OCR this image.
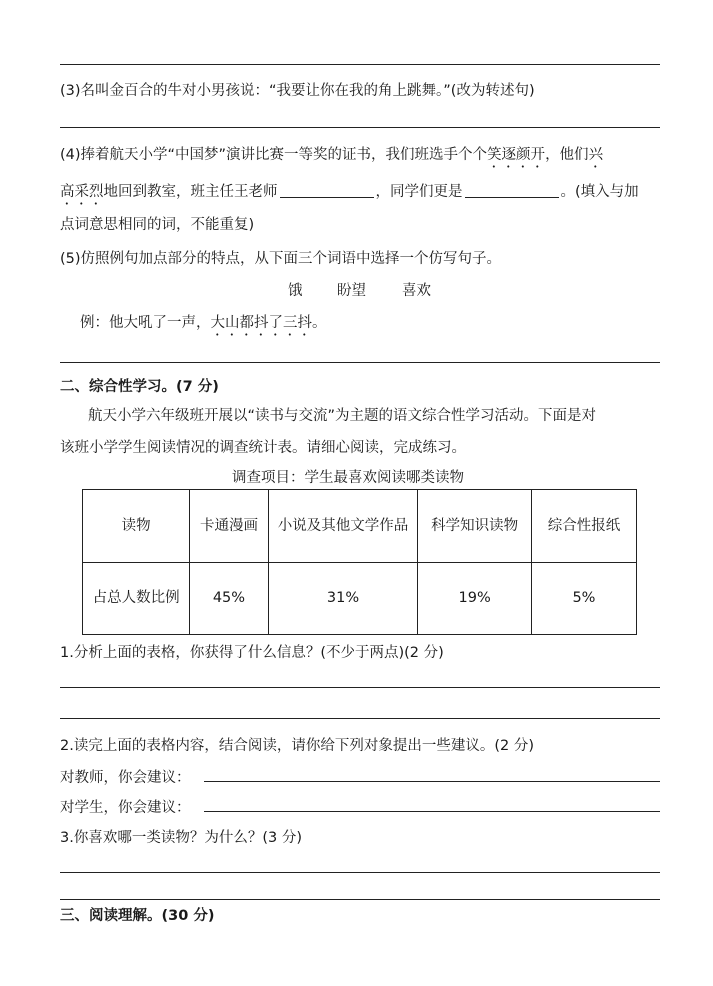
(3)名叫金百合的牛对小男孩说：“我要让你在我的角上跳舞。”(改为转述句)
(4)捧着航天小学“中国梦”演讲比赛一等奖的证书，我们班选手个个笑逐颜开，他们兴
高采烈地回到教室，班主任王老师	，同学们更是	。(填入与加
点词意思相同的词，不能重复)
(5)仿照例句加点部分的特点，从下面三个词语中选择一个仿写句子。
饿 盼望 喜欢
例：他大吼了一声，大山都抖了三抖。
二、综合性学习。(7 分)
航天小学六年级班开展以“读书与交流”为主题的语文综合性学习活动。下面是对
该班小学学生阅读情况的调查统计表。请细心阅读，完成练习。
调查项目：学生最喜欢阅读哪类读物
读物	卡通漫画	小说及其他文学作品	科学知识读物	综合性报纸
占总人数比例	45%	31%	19%	5%
1.分析上面的表格，你获得了什么信息？(不少于两点)(2 分)
2.读完上面的表格内容，结合阅读，请你给下列对象提出一些建议。(2 分)
对教师，你会建议：
对学生，你会建议：
3.你喜欢哪一类读物？为什么？(3 分)
三、阅读理解。(30 分)
